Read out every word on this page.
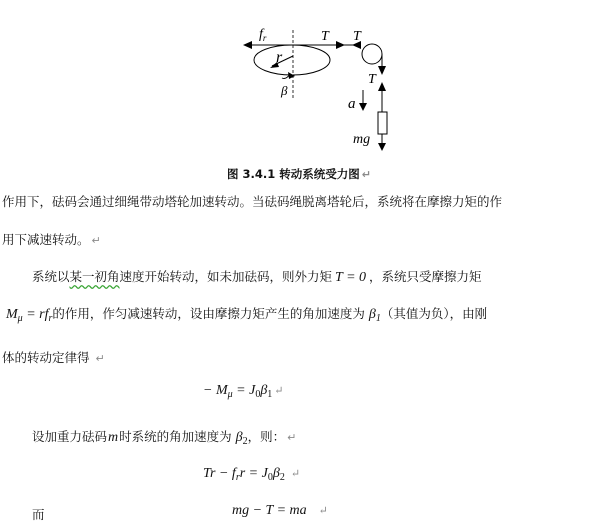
$f_r$	T T
r
β
T
a
mg
图 3.4.1 转动系统受力图 ↵
作用下，砝码会通过细绳带动塔轮加速转动。当砝码绳脱离塔轮后，系统将在摩擦力矩的作
用下减速转动。 ↵
系统以某一初角速度开始转动，如未加砝码，则外力矩 T = 0 ，系统只受摩擦力矩
$M_\mu = rf_r$的作用，作匀减速转动，设由摩擦力矩产生的角加速度为 $\beta_1$（其值为负），由刚
体的转动定律得 ↵
− $M_\mu = J_0\beta_1$ ↵
设加重力砝码m时系统的角加速度为 $\beta_2$，则： ↵
$Tr - f_rr = J_0\beta_2$ ↵
而	mg − T = ma ↵
